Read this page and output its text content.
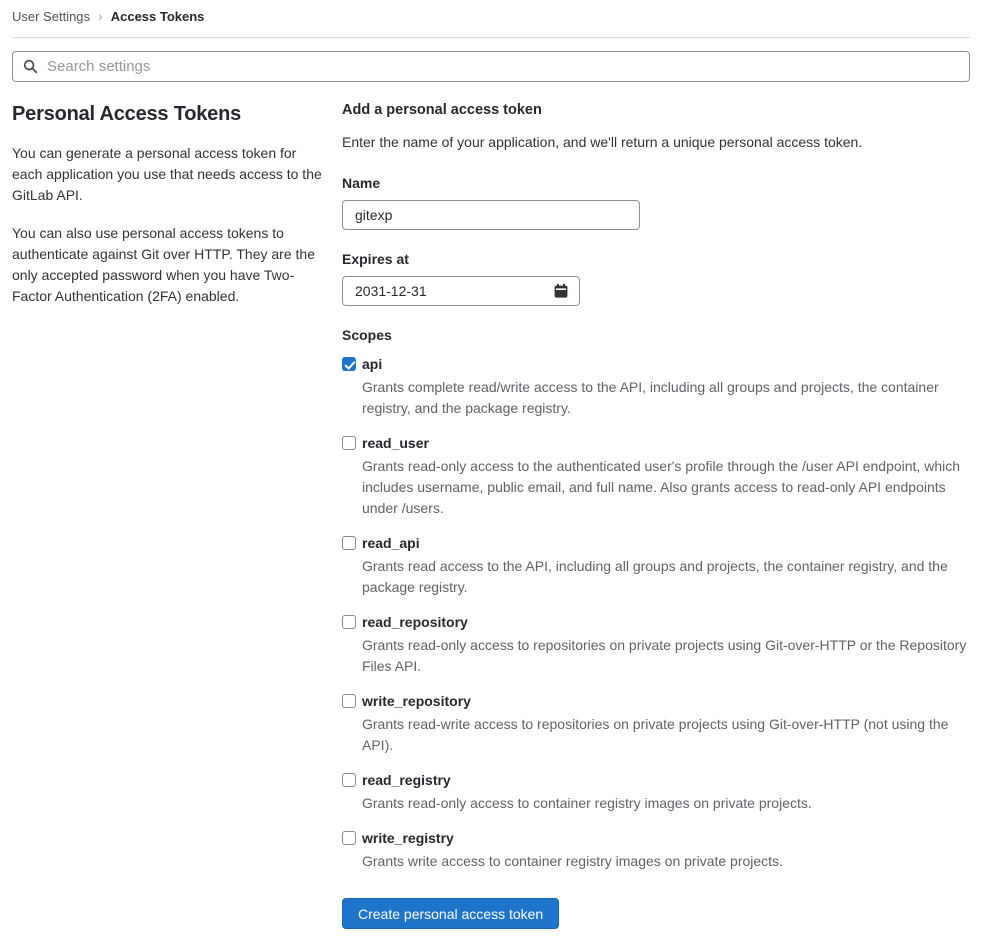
User Settings › Access Tokens
Search settings
Personal Access Tokens

You can generate a personal access token for each application you use that needs access to the GitLab API.

You can also use personal access tokens to authenticate against Git over HTTP. They are the only accepted password when you have Two-Factor Authentication (2FA) enabled.

Add a personal access token

Enter the name of your application, and we'll return a unique personal access token.

Name
gitexp
Expires at
2031-12-31
Scopes
api
Grants complete read/write access to the API, including all groups and projects, the container registry, and the package registry.
read_user
Grants read-only access to the authenticated user's profile through the /user API endpoint, which includes username, public email, and full name. Also grants access to read-only API endpoints under /users.
read_api
Grants read access to the API, including all groups and projects, the container registry, and the package registry.
read_repository
Grants read-only access to repositories on private projects using Git-over-HTTP or the Repository Files API.
write_repository
Grants read-write access to repositories on private projects using Git-over-HTTP (not using the API).
read_registry
Grants read-only access to container registry images on private projects.
write_registry
Grants write access to container registry images on private projects.
Create personal access token
